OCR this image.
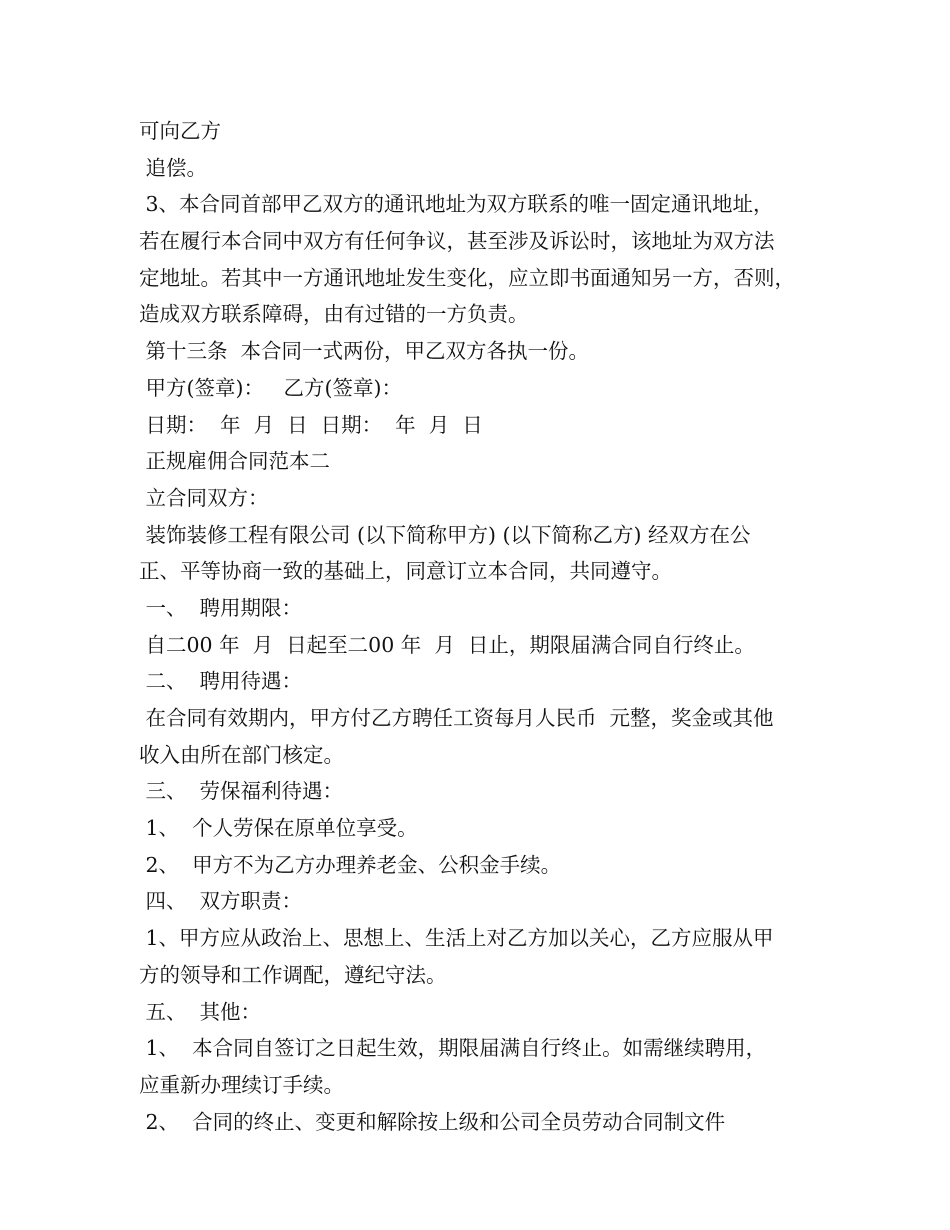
可向乙方
追偿。
3、本合同首部甲乙双方的通讯地址为双方联系的唯一固定通讯地址，
若在履行本合同中双方有任何争议，甚至涉及诉讼时，该地址为双方法
定地址。若其中一方通讯地址发生变化，应立即书面通知另一方，否则，
造成双方联系障碍，由有过错的一方负责。
第十三条  本合同一式两份，甲乙双方各执一份。
甲方(签章)：   乙方(签章)：
日期：  年  月  日  日期：  年  月  日
正规雇佣合同范本二
立合同双方：
装饰装修工程有限公司 (以下简称甲方) (以下简称乙方) 经双方在公
正、平等协商一致的基础上，同意订立本合同，共同遵守。
一、  聘用期限：
自二00 年  月  日起至二00 年  月  日止，期限届满合同自行终止。
二、  聘用待遇：
在合同有效期内，甲方付乙方聘任工资每月人民币  元整，奖金或其他
收入由所在部门核定。
三、  劳保福利待遇：
1、  个人劳保在原单位享受。
2、  甲方不为乙方办理养老金、公积金手续。
四、  双方职责：
1、甲方应从政治上、思想上、生活上对乙方加以关心，乙方应服从甲
方的领导和工作调配，遵纪守法。
五、  其他：
1、  本合同自签订之日起生效，期限届满自行终止。如需继续聘用，
应重新办理续订手续。
2、  合同的终止、变更和解除按上级和公司全员劳动合同制文件
